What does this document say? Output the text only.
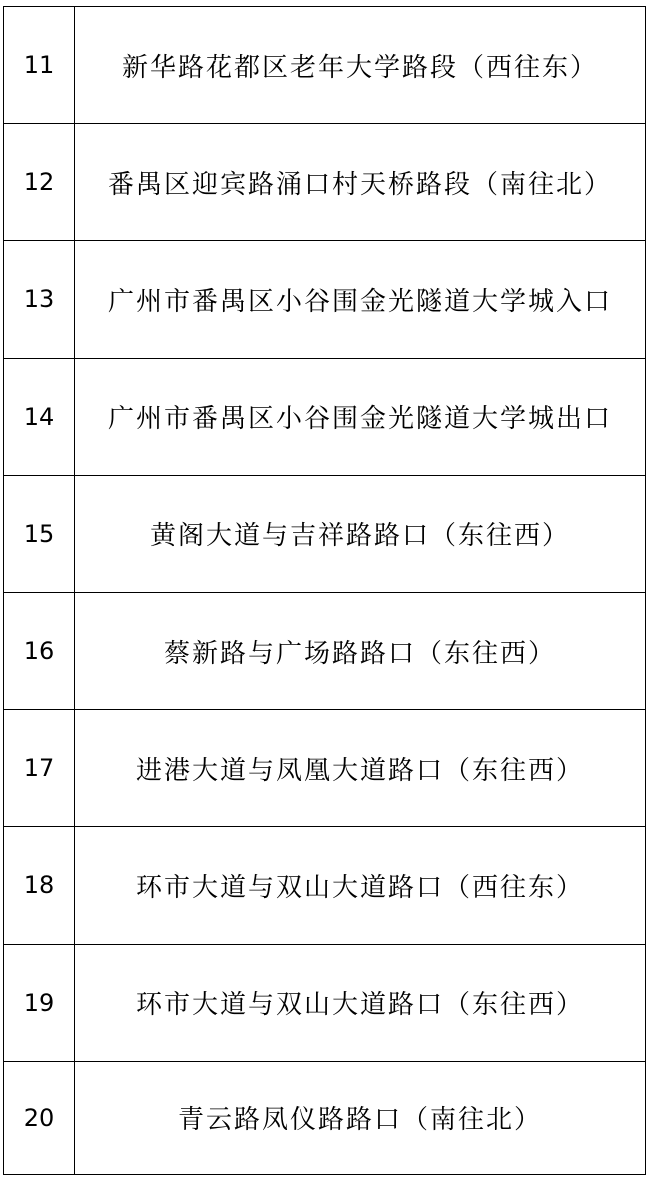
11	新华路花都区老年大学路段（西往东）
12	番禺区迎宾路涌口村天桥路段（南往北）
13	广州市番禺区小谷围金光隧道大学城入口
14	广州市番禺区小谷围金光隧道大学城出口
15	黄阁大道与吉祥路路口（东往西）
16	蔡新路与广场路路口（东往西）
17	进港大道与凤凰大道路口（东往西）
18	环市大道与双山大道路口（西往东）
19	环市大道与双山大道路口（东往西）
20	青云路凤仪路路口（南往北）
